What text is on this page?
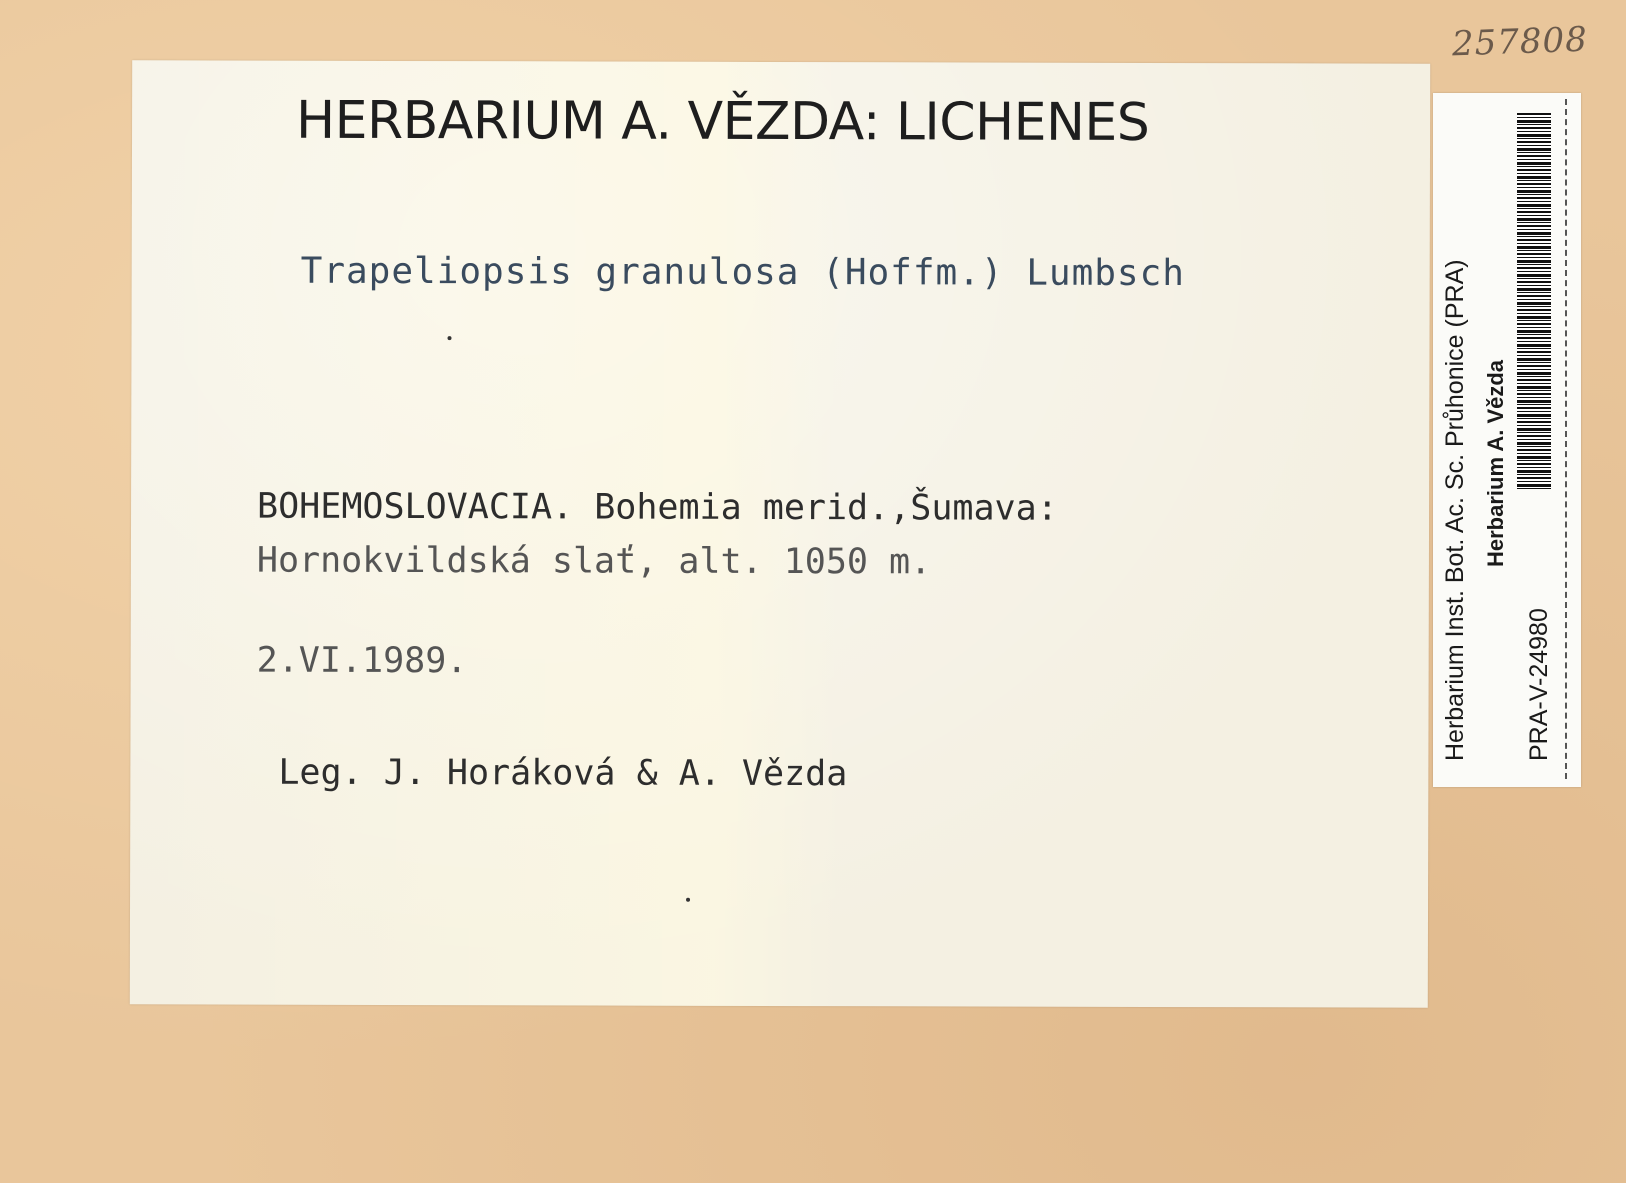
257808
HERBARIUM A. VĚZDA: LICHENES
Trapeliopsis granulosa (Hoffm.) Lumbsch
BOHEMOSLOVACIA. Bohemia merid.,Šumava:
Hornokvildská slať, alt. 1050 m.
2.VI.1989.
Leg. J. Horáková & A. Vězda
Herbarium Inst. Bot. Ac. Sc. Průhonice (PRA) Herbarium A. Vězda
PRA-V-24980
